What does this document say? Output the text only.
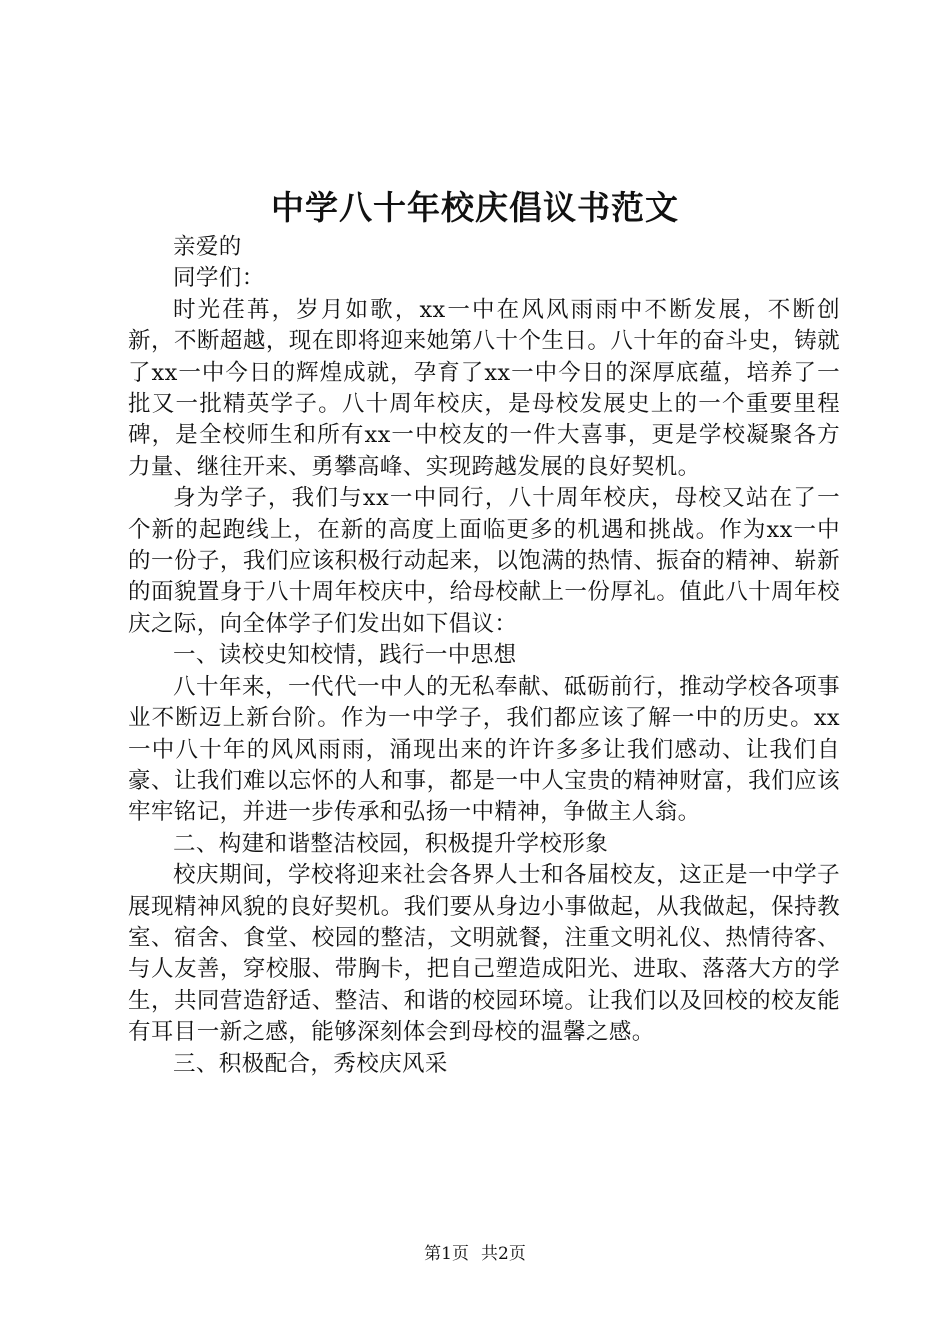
中学八十年校庆倡议书范文

亲爱的

同学们：

时光荏苒，岁月如歌，xx一中在风风雨雨中不断发展，不断创新，不断超越，现在即将迎来她第八十个生日。八十年的奋斗史，铸就了xx一中今日的辉煌成就，孕育了xx一中今日的深厚底蕴，培养了一批又一批精英学子。八十周年校庆，是母校发展史上的一个重要里程碑，是全校师生和所有xx一中校友的一件大喜事，更是学校凝聚各方力量、继往开来、勇攀高峰、实现跨越发展的良好契机。

身为学子，我们与xx一中同行，八十周年校庆，母校又站在了一个新的起跑线上，在新的高度上面临更多的机遇和挑战。作为xx一中的一份子，我们应该积极行动起来，以饱满的热情、振奋的精神、崭新的面貌置身于八十周年校庆中，给母校献上一份厚礼。值此八十周年校庆之际，向全体学子们发出如下倡议：

一、读校史知校情，践行一中思想

八十年来，一代代一中人的无私奉献、砥砺前行，推动学校各项事业不断迈上新台阶。作为一中学子，我们都应该了解一中的历史。xx一中八十年的风风雨雨，涌现出来的许许多多让我们感动、让我们自豪、让我们难以忘怀的人和事，都是一中人宝贵的精神财富，我们应该牢牢铭记，并进一步传承和弘扬一中精神，争做主人翁。

二、构建和谐整洁校园，积极提升学校形象

校庆期间，学校将迎来社会各界人士和各届校友，这正是一中学子展现精神风貌的良好契机。我们要从身边小事做起，从我做起，保持教室、宿舍、食堂、校园的整洁，文明就餐，注重文明礼仪、热情待客、与人友善，穿校服、带胸卡，把自己塑造成阳光、进取、落落大方的学生，共同营造舒适、整洁、和谐的校园环境。让我们以及回校的校友能有耳目一新之感，能够深刻体会到母校的温馨之感。

三、积极配合，秀校庆风采

第1页 共2页
